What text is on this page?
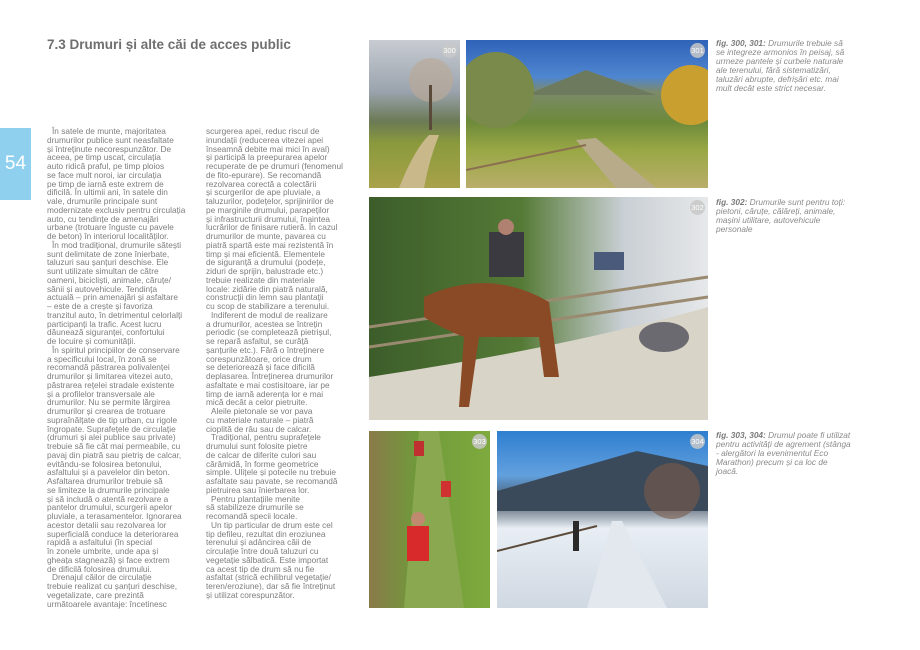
7.3 Drumuri și alte căi de acces public
54
În satele de munte, majoritatea
drumurilor publice sunt neasfaltate
și întreținute necorespunzător. De
aceea, pe timp uscat, circulația
auto ridică praful, pe timp ploios
se face mult noroi, iar circulația
pe timp de iarnă este extrem de
dificilă. În ultimii ani, în satele din
vale, drumurile principale sunt
modernizate exclusiv pentru circulația
auto, cu tendințe de amenajări
urbane (trotuare înguste cu pavele
de beton) în interiorul localităților.
În mod tradițional, drumurile sătești
sunt delimitate de zone înierbate,
taluzuri sau șanțuri deschise. Ele
sunt utilizate simultan de către
oameni, bicicliști, animale, căruțe/
sănii și autovehicule. Tendința
actuală – prin amenajări și asfaltare
– este de a crește și favoriza
tranzitul auto, în detrimentul celorlalți
participanți la trafic. Acest lucru
dăunează siguranței, confortului
de locuire și comunității.
În spiritul principiilor de conservare
a specificului local, în zonă se
recomandă păstrarea polivalenței
drumurilor și limitarea vitezei auto,
păstrarea rețelei stradale existente
și a profilelor transversale ale
drumurilor. Nu se permite lărgirea
drumurilor și crearea de trotuare
supraînălțate de tip urban, cu rigole
îngropate. Suprafețele de circulație
(drumuri și alei publice sau private)
trebuie să fie cât mai permeabile, cu
pavaj din piatră sau pietriș de calcar,
evitându-se folosirea betonului,
asfaltului și a pavelelor din beton.
Asfaltarea drumurilor trebuie să
se limiteze la drumurile principale
și să includă o atentă rezolvare a
pantelor drumului, scurgerii apelor
pluviale, a terasamentelor. Ignorarea
acestor detalii sau rezolvarea lor
superficială conduce la deteriorarea
rapidă a asfaltului (în special
în zonele umbrite, unde apa și
gheața stagnează) și face extrem
de dificilă folosirea drumului.
Drenajul căilor de circulație
trebuie realizat cu șanțuri deschise,
vegetalizate, care prezintă
următoarele avantaje: încetinesc
scurgerea apei, reduc riscul de
inundații (reducerea vitezei apei
înseamnă debite mai mici în aval)
și participă la preepurarea apelor
recuperate de pe drumuri (fenomenul
de fito-epurare). Se recomandă
rezolvarea corectă a colectării
și scurgerilor de ape pluviale, a
taluzurilor, podețelor, sprijinirilor de
pe marginile drumului, parapeților
și infrastructurii drumului, înaintea
lucrărilor de finisare rutieră. În cazul
drumurilor de munte, pavarea cu
piatră spartă este mai rezistentă în
timp și mai eficientă. Elementele
de siguranță a drumului (podețe,
ziduri de sprijin, balustrade etc.)
trebuie realizate din materiale
locale: zidărie din piatră naturală,
construcții din lemn sau plantații
cu scop de stabilizare a terenului.
Indiferent de modul de realizare
a drumurilor, acestea se întrețin
periodic (se completează pietrișul,
se repară asfaltul, se curăță
șanțurile etc.). Fără o întreținere
corespunzătoare, orice drum
se deteriorează și face dificilă
deplasarea. Întreținerea drumurilor
asfaltate e mai costisitoare, iar pe
timp de iarnă aderența lor e mai
mică decât a celor pietruite.
Aleile pietonale se vor pava
cu materiale naturale – piatră
cioplită de râu sau de calcar.
Tradițional, pentru suprafețele
drumului sunt folosite pietre
de calcar de diferite culori sau
cărămidă, în forme geometrice
simple. Ulițele și potecile nu trebuie
asfaltate sau pavate, se recomandă
pietruirea sau înierbarea lor.
Pentru plantațiile menite
să stabilizeze drumurile se
recomandă specii locale.
Un tip particular de drum este cel
tip defileu, rezultat din eroziunea
terenului și adâncirea căii de
circulație între două taluzuri cu
vegetație sălbatică. Este importat
ca acest tip de drum să nu fie
asfaltat (strică echilibrul vegetație/
teren/eroziune), dar să fie întreținut
și utilizat corespunzător.
300	301
302
303	304
fig. 300, 301: Drumurile trebuie să se integreze armonios în peisaj, să urmeze pantele și curbele naturale ale terenului, fără sistematizări, taluzări abrupte, defrișări etc. mai mult decât este strict necesar.
fig. 302: Drumurile sunt pentru toți: pietoni, căruțe, călăreți, animale, mașini utilitare, autovehicule personale
fig. 303, 304: Drumul poate fi utilizat pentru activități de agrement (stânga - alergători la evenimentul Eco Marathon) precum și ca loc de joacă.
